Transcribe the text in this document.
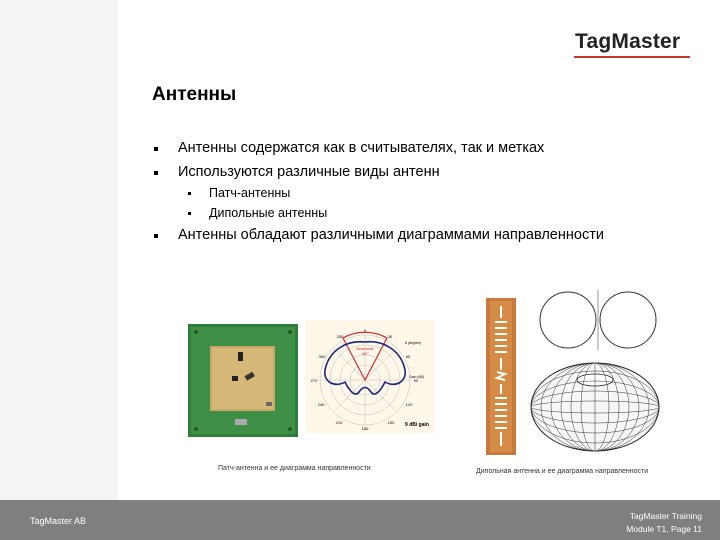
TagMaster
Антенны
Антенны содержатся как в считывателях, так и метках
Используются различные виды антенн
Патч-антенны
Дипольные антенны
Антенны обладают различными диаграммами направленности
0
30
60
90
120
150
180
210
240
270
300
330
θ (degree)
Gain (dB)
Beamwidth
±60°
9 dBi gain
Патч-антенна и ее диаграмма направленности	Дипольная антенна и ее диаграмма направленности
TagMaster AB	TagMaster Training
Module T1, Page 11
